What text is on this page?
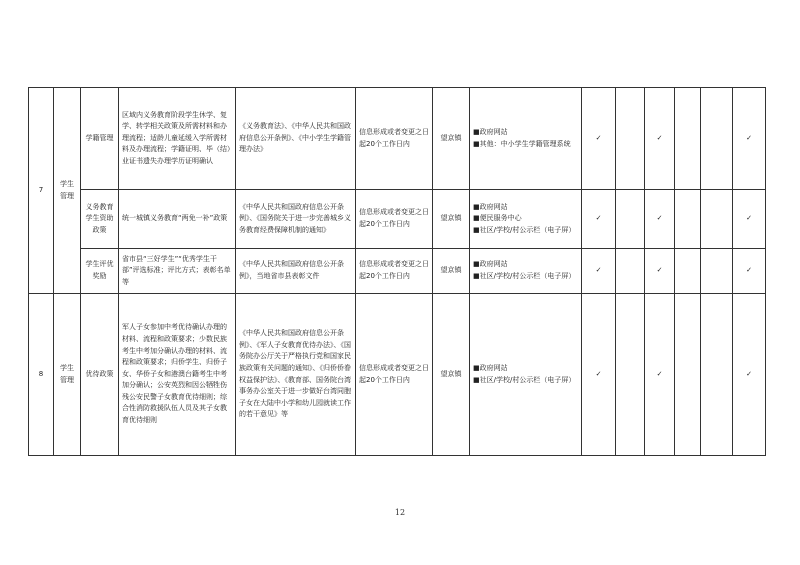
7	学生管理	学籍管理	区域内义务教育阶段学生休学、复学、转学相关政策及所需材料和办理流程；适龄儿童延缓入学所需材料及办理流程；学籍证明、毕（结）业证书遗失办理学历证明确认	《义务教育法》、《中华人民共和国政府信息公开条例》、《中小学生学籍管理办法》	信息形成或者变更之日起20个工作日内	望京镇	■政府网站
■其他：中小学生学籍管理系统	✓		✓			✓	
		义务教育学生资助政策	统一城镇义务教育“两免一补”政策	《中华人民共和国政府信息公开条例》、《国务院关于进一步完善城乡义务教育经费保障机制的通知》	信息形成或者变更之日起20个工作日内	望京镇	■政府网站
■便民服务中心
■社区/学校/村公示栏（电子屏）	✓		✓			✓	
		学生评优奖励	省市县“三好学生”“优秀学生干部”评选标准；评比方式；表彰名单等	《中华人民共和国政府信息公开条例》，当地省市县表彰文件	信息形成或者变更之日起20个工作日内	望京镇	■政府网站
■社区/学校/村公示栏（电子屏）	✓		✓			✓	
8	学生管理	优待政策	军人子女参加中考优待确认办理的材料、流程和政策要求；少数民族考生中考加分确认办理的材料、流程和政策要求；归侨学生、归侨子女、华侨子女和港澳台籍考生中考加分确认；公安英烈和因公牺牲伤残公安民警子女教育优待细则；综合性消防救援队伍人员及其子女教育优待细则	《中华人民共和国政府信息公开条例》、《军人子女教育优待办法》、《国务院办公厅关于严格执行党和国家民族政策有关问题的通知》、《归侨侨眷权益保护法》、《教育部、国务院台湾事务办公室关于进一步做好台湾同胞子女在大陆中小学和幼儿园就读工作的若干意见》等	信息形成或者变更之日起20个工作日内	望京镇	■政府网站
■社区/学校/村公示栏（电子屏）	✓		✓			✓	
12
